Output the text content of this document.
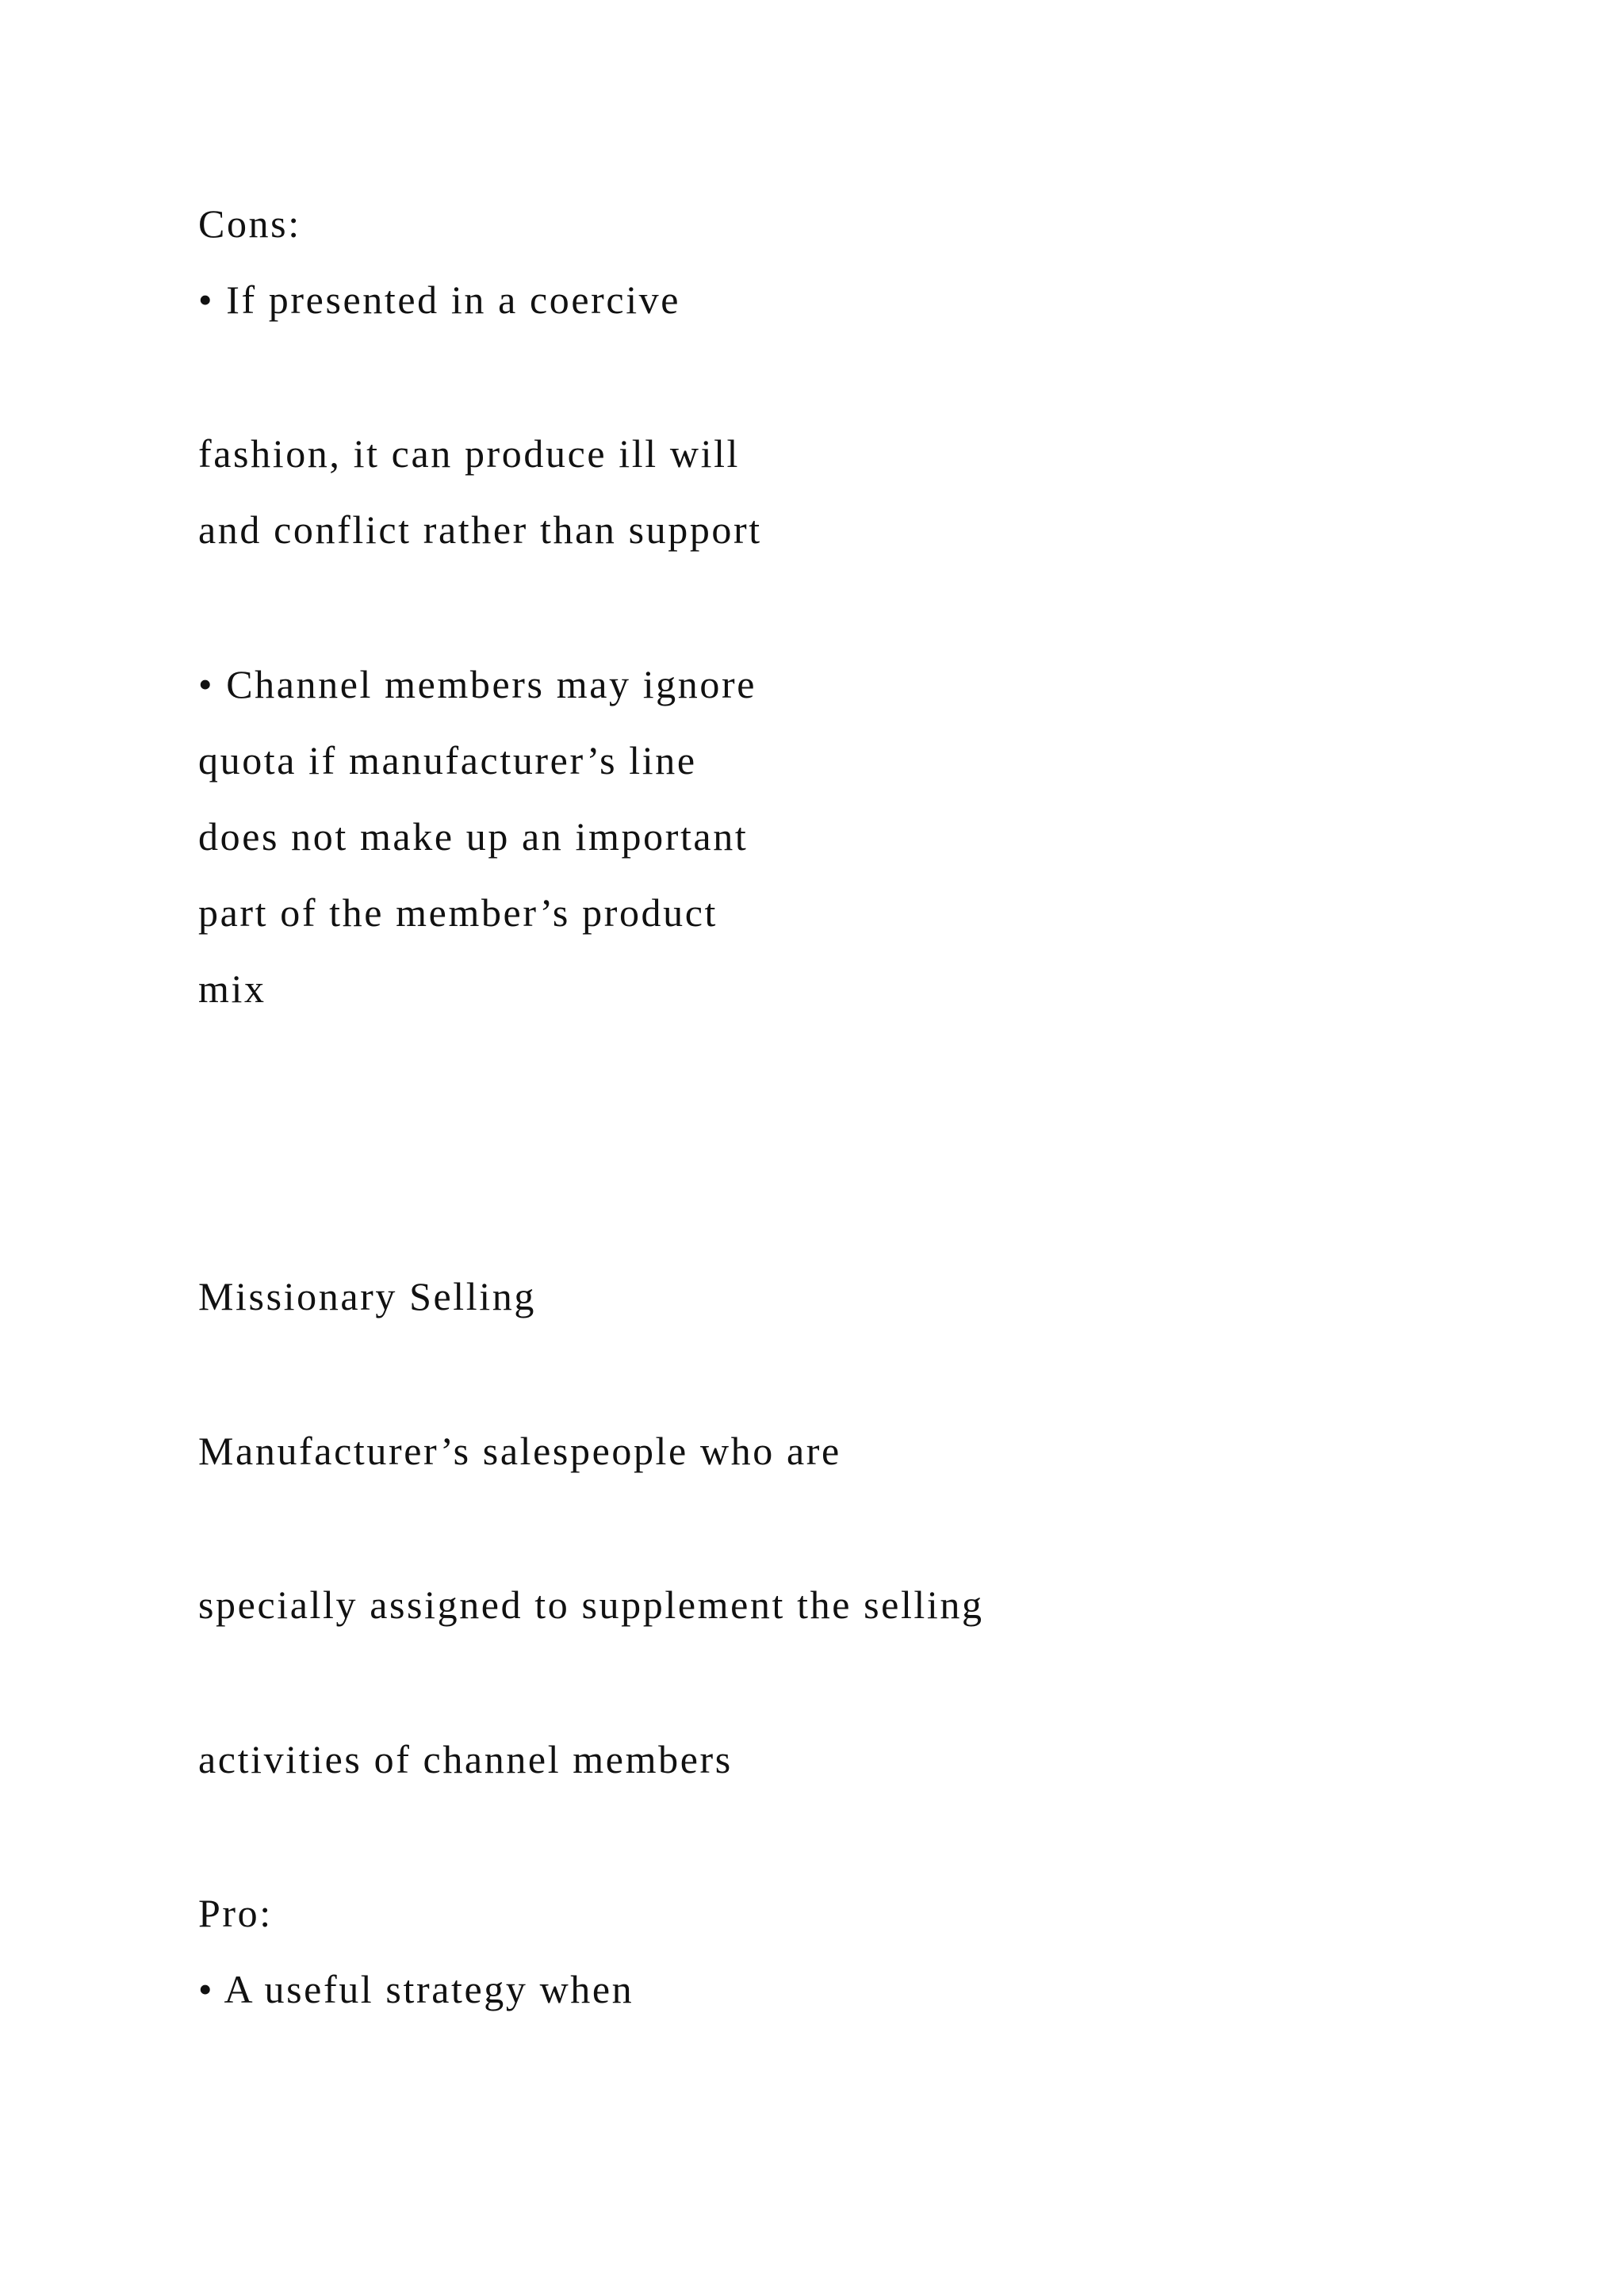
Cons:

• If presented in a coercive

fashion, it can produce ill will

and conflict rather than support

• Channel members may ignore

quota if manufacturer’s line

does not make up an important

part of the member’s product

mix

Missionary Selling

Manufacturer’s salespeople who are

specially assigned to supplement the selling

activities of channel members

Pro:

• A useful strategy when
